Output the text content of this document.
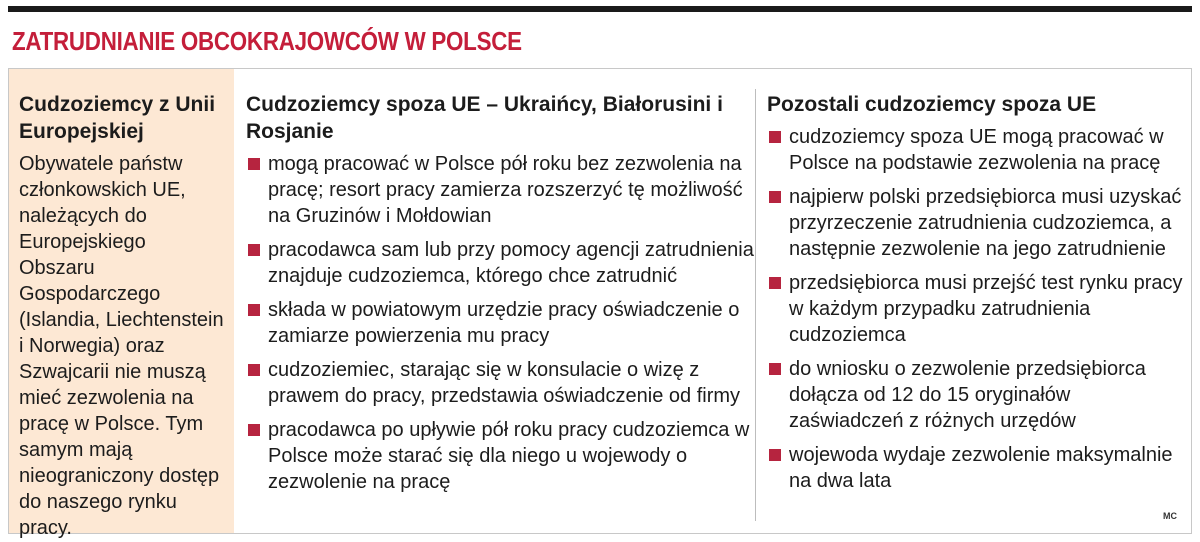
ZATRUDNIANIE OBCOKRAJOWCÓW W POLSCE
Cudzoziemcy z Unii Europejskiej
Obywatele państw członkowskich UE, należących do Europejskiego Obszaru Gospodarczego (Islandia, Liechtenstein i Norwegia) oraz Szwajcarii nie muszą mieć zezwolenia na pracę w Polsce. Tym samym mają nieograniczony dostęp do naszego rynku pracy.
Cudzoziemcy spoza UE – Ukraińcy, Białorusini i Rosjanie
mogą pracować w Polsce pół roku bez zezwolenia na pracę; resort pracy zamierza rozszerzyć tę możliwość na Gruzinów i Mołdowian
pracodawca sam lub przy pomocy agencji zatrudnienia znajduje cudzoziemca, którego chce zatrudnić
składa w powiatowym urzędzie pracy oświadczenie o zamiarze powierzenia mu pracy
cudzoziemiec, starając się w konsulacie o wizę z prawem do pracy, przedstawia oświadczenie od firmy
pracodawca po upływie pół roku pracy cudzoziemca w Polsce może starać się dla niego u wojewody o zezwolenie na pracę
Pozostali cudzoziemcy spoza UE
cudzoziemcy spoza UE mogą pracować w Polsce na podstawie zezwolenia na pracę
najpierw polski przedsiębiorca musi uzyskać przyrzeczenie zatrudnienia cudzoziemca, a następnie zezwolenie na jego zatrudnienie
przedsiębiorca musi przejść test rynku pracy w każdym przypadku zatrudnienia cudzoziemca
do wniosku o zezwolenie przedsiębiorca dołącza od 12 do 15 oryginałów zaświadczeń z różnych urzędów
wojewoda wydaje zezwolenie maksymalnie na dwa lata
MC
